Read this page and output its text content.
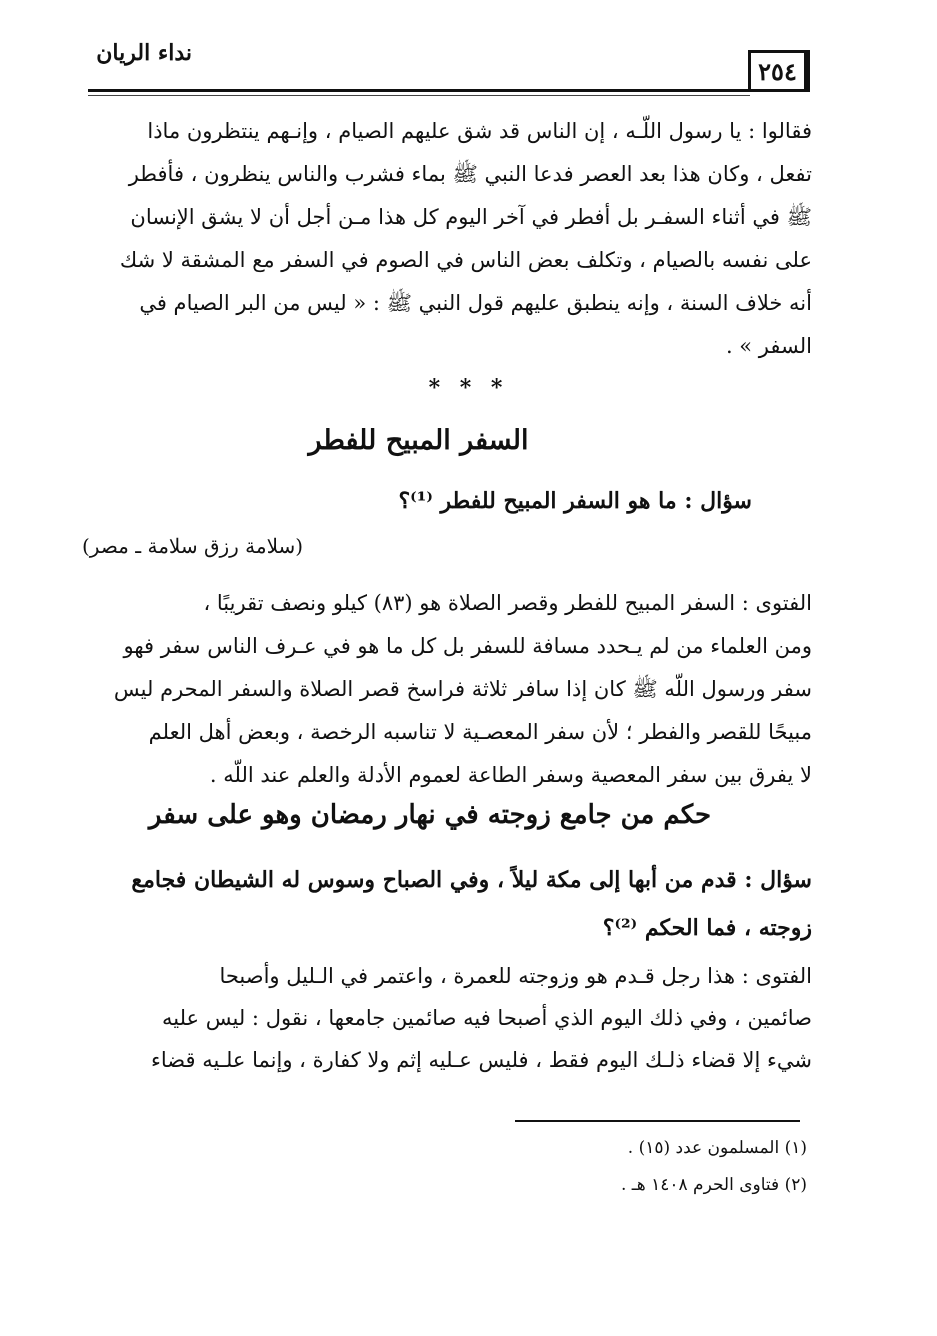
نداء الريان
٢٥٤
فقالوا : يا رسول اللّـه ، إن الناس قد شق عليهم الصيام ، وإنـهم ينتظرون ماذا
تفعل ، وكان هذا بعد العصر فدعا النبي ﷺ بماء فشرب والناس ينظرون ، فأفطر
ﷺ في أثناء السفـر بل أفطر في آخر اليوم كل هذا مـن أجل أن لا يشق الإنسان
على نفسه بالصيام ، وتكلف بعض الناس في الصوم في السفر مع المشقة لا شك
أنه خلاف السنة ، وإنه ينطبق عليهم قول النبي ﷺ : « ليس من البر الصيام في
السفر » .
* * *
السفر المبيح للفطر
سؤال : ما هو السفر المبيح للفطر ⁽¹⁾؟
(سلامة رزق سلامة ـ مصر)
الفتوى : السفر المبيح للفطر وقصر الصلاة هو (٨٣) كيلو ونصف تقريبًا ،
ومن العلماء من لم يـحدد مسافة للسفر بل كل ما هو في عـرف الناس سفر فهو
سفر ورسول اللّه ﷺ كان إذا سافر ثلاثة فراسخ قصر الصلاة والسفر المحرم ليس
مبيحًا للقصر والفطر ؛ لأن سفر المعصـية لا تناسبه الرخصة ، وبعض أهل العلم
لا يفرق بين سفر المعصية وسفر الطاعة لعموم الأدلة والعلم عند اللّه .
حكم من جامع زوجته في نهار رمضان وهو على سفر
سؤال : قدم من أبها إلى مكة ليلاً ، وفي الصباح وسوس له الشيطان فجامع
زوجته ، فما الحكم ⁽²⁾؟
الفتوى : هذا رجل قـدم هو وزوجته للعمرة ، واعتمر في الـليل وأصبحا
صائمين ، وفي ذلك اليوم الذي أصبحا فيه صائمين جامعها ، نقول : ليس عليه
شيء إلا قضاء ذلـك اليوم فقط ، فليس عـليه إثم ولا كفارة ، وإنما علـيه قضاء
(١) المسلمون عدد (١٥) .
(٢) فتاوى الحرم ١٤٠٨ هـ .
